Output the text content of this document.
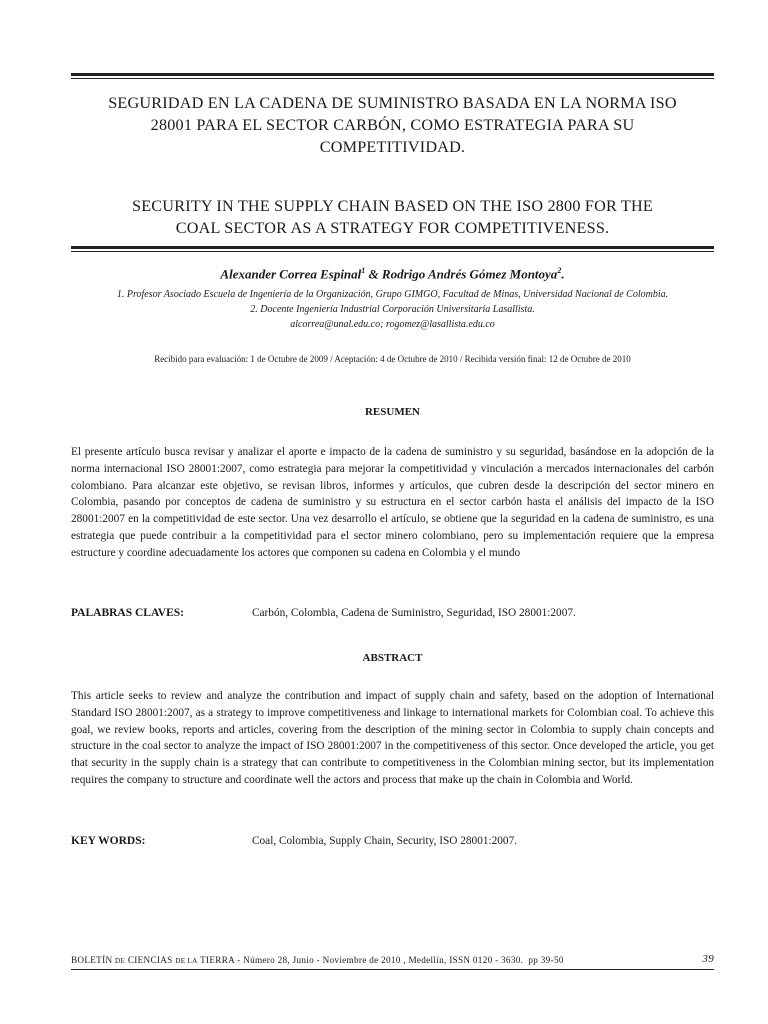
SEGURIDAD EN LA CADENA DE SUMINISTRO BASADA EN LA NORMA ISO
28001 PARA EL SECTOR CARBÓN, COMO ESTRATEGIA PARA SU
COMPETITIVIDAD.
SECURITY IN THE SUPPLY CHAIN BASED ON THE ISO 2800 FOR THE
COAL SECTOR AS A STRATEGY FOR COMPETITIVENESS.
Alexander Correa Espinal$^1$ & Rodrigo Andrés Gómez Montoya$^2$.
1. Profesor Asociado Escuela de Ingeniería de la Organización, Grupo GIMGO, Facultad de Minas, Universidad Nacional de Colombia.
2. Docente Ingeniería Industrial Corporación Universitaria Lasallista.
alcorrea@unal.edu.co; rogomez@lasallista.edu.co
Recibido para evaluación: 1 de Octubre de 2009 / Aceptación: 4 de Octubre de 2010 / Recibida versión final: 12 de Octubre de 2010
RESUMEN
El presente artículo busca revisar y analizar el aporte e impacto de la cadena de suministro y su seguridad, basándose en la adopción de la norma internacional ISO 28001:2007, como estrategia para mejorar la competitividad y vinculación a mercados internacionales del carbón colombiano. Para alcanzar este objetivo, se revisan libros, informes y artículos, que cubren desde la descripción del sector minero en Colombia, pasando por conceptos de cadena de suministro y su estructura en el sector carbón hasta el análisis del impacto de la ISO 28001:2007 en la competitividad de este sector. Una vez desarrollo el artículo, se obtiene que la seguridad en la cadena de suministro, es una estrategia que puede contribuir a la competitividad para el sector minero colombiano, pero su implementación requiere que la empresa estructure y coordine adecuadamente los actores que componen su cadena en Colombia y el mundo
PALABRAS CLAVES:	Carbón, Colombia, Cadena de Suministro, Seguridad, ISO 28001:2007.
ABSTRACT
This article seeks to review and analyze the contribution and impact of supply chain and safety, based on the adoption of International Standard ISO 28001:2007, as a strategy to improve competitiveness and linkage to international markets for Colombian coal. To achieve this goal, we review books, reports and articles, covering from the description of the mining sector in Colombia to supply chain concepts and structure in the coal sector to analyze the impact of ISO 28001:2007 in the competitiveness of this sector. Once developed the article, you get that security in the supply chain is a strategy that can contribute to competitiveness in the Colombian mining sector, but its implementation requires the company to structure and coordinate well the actors and process that make up the chain in Colombia and World.
KEY WORDS:	Coal, Colombia, Supply Chain, Security, ISO 28001:2007.
BOLETÍN DE CIENCIAS DE LA TIERRA - Número 28, Junio - Noviembre de 2010 , Medellín, ISSN 0120 - 3630.  pp 39-50	39
